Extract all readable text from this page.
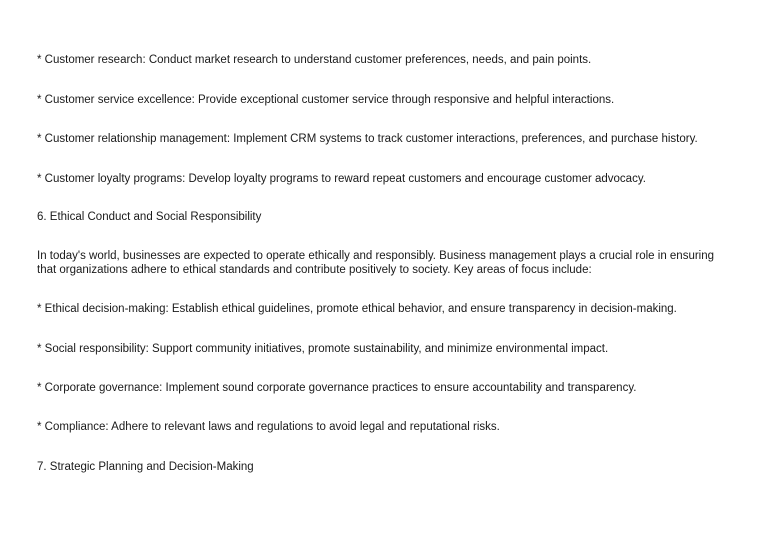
* Customer research: Conduct market research to understand customer preferences, needs, and pain points.

* Customer service excellence: Provide exceptional customer service through responsive and helpful interactions.

* Customer relationship management: Implement CRM systems to track customer interactions, preferences, and purchase history.

* Customer loyalty programs: Develop loyalty programs to reward repeat customers and encourage customer advocacy.

6. Ethical Conduct and Social Responsibility

In today's world, businesses are expected to operate ethically and responsibly. Business management plays a crucial role in ensuring that organizations adhere to ethical standards and contribute positively to society. Key areas of focus include:

* Ethical decision-making: Establish ethical guidelines, promote ethical behavior, and ensure transparency in decision-making.

* Social responsibility: Support community initiatives, promote sustainability, and minimize environmental impact.

* Corporate governance: Implement sound corporate governance practices to ensure accountability and transparency.

* Compliance: Adhere to relevant laws and regulations to avoid legal and reputational risks.

7. Strategic Planning and Decision-Making
